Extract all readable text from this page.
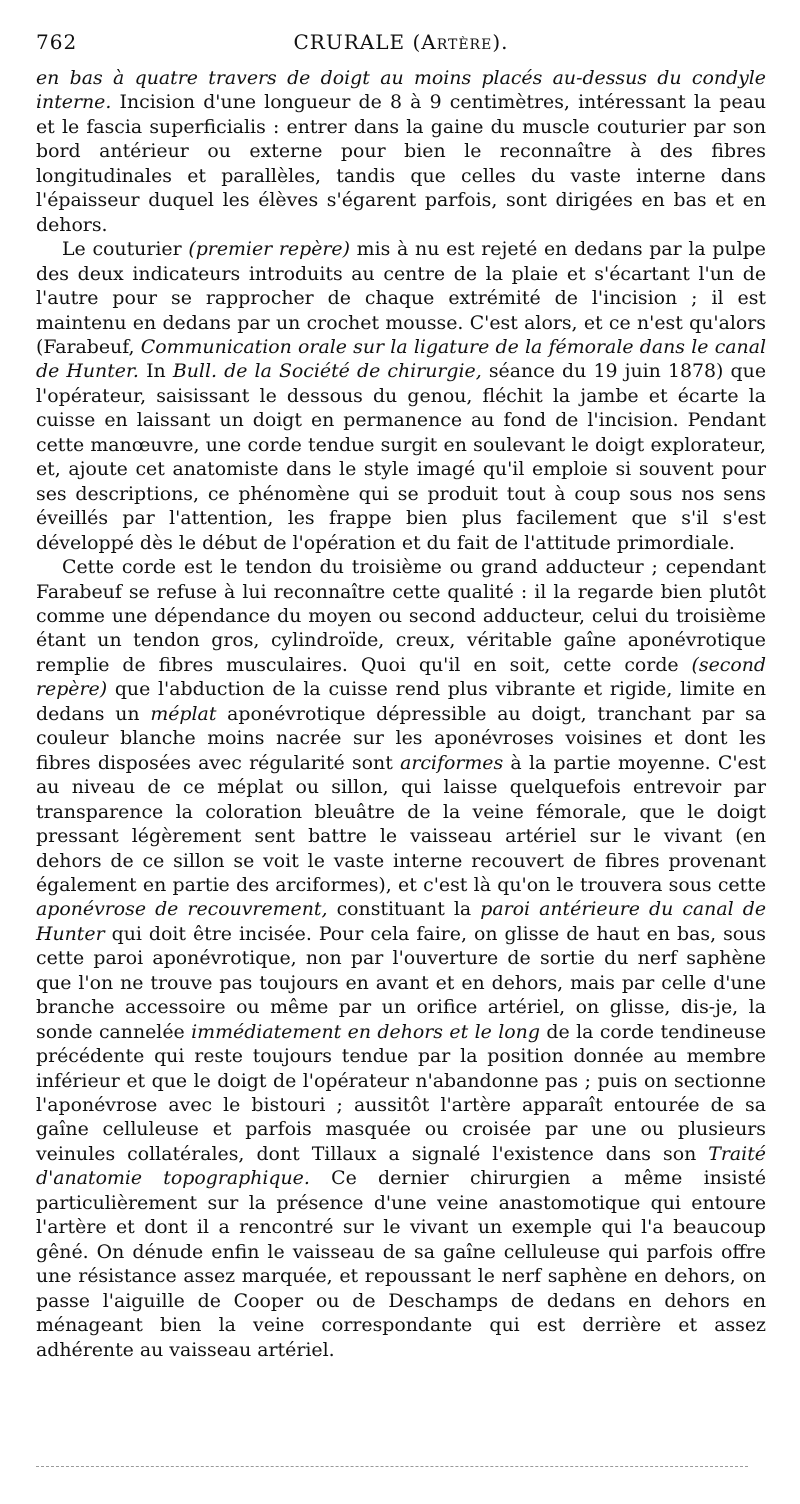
762	CRURALE (Artère).

en bas à quatre travers de doigt au moins placés au-dessus du condyle interne. Incision d'une longueur de 8 à 9 centimètres, intéressant la peau et le fascia superficialis : entrer dans la gaine du muscle couturier par son bord antérieur ou externe pour bien le reconnaître à des fibres longitudinales et parallèles, tandis que celles du vaste interne dans l'épaisseur duquel les élèves s'égarent parfois, sont dirigées en bas et en dehors.

Le couturier (premier repère) mis à nu est rejeté en dedans par la pulpe des deux indicateurs introduits au centre de la plaie et s'écartant l'un de l'autre pour se rapprocher de chaque extrémité de l'incision ; il est maintenu en dedans par un crochet mousse. C'est alors, et ce n'est qu'alors (Farabeuf, Communication orale sur la ligature de la fémorale dans le canal de Hunter. In Bull. de la Société de chirurgie, séance du 19 juin 1878) que l'opérateur, saisissant le dessous du genou, fléchit la jambe et écarte la cuisse en laissant un doigt en permanence au fond de l'incision. Pendant cette manœuvre, une corde tendue surgit en soulevant le doigt explorateur, et, ajoute cet anatomiste dans le style imagé qu'il emploie si souvent pour ses descriptions, ce phénomène qui se produit tout à coup sous nos sens éveillés par l'attention, les frappe bien plus facilement que s'il s'est développé dès le début de l'opération et du fait de l'attitude primordiale.

Cette corde est le tendon du troisième ou grand adducteur ; cependant Farabeuf se refuse à lui reconnaître cette qualité : il la regarde bien plutôt comme une dépendance du moyen ou second adducteur, celui du troisième étant un tendon gros, cylindroïde, creux, véritable gaîne aponévrotique remplie de fibres musculaires. Quoi qu'il en soit, cette corde (second repère) que l'abduction de la cuisse rend plus vibrante et rigide, limite en dedans un méplat aponévrotique dépressible au doigt, tranchant par sa couleur blanche moins nacrée sur les aponévroses voisines et dont les fibres disposées avec régularité sont arciformes à la partie moyenne. C'est au niveau de ce méplat ou sillon, qui laisse quelquefois entrevoir par transparence la coloration bleuâtre de la veine fémorale, que le doigt pressant légèrement sent battre le vaisseau artériel sur le vivant (en dehors de ce sillon se voit le vaste interne recouvert de fibres provenant également en partie des arciformes), et c'est là qu'on le trouvera sous cette aponévrose de recouvrement, constituant la paroi antérieure du canal de Hunter qui doit être incisée. Pour cela faire, on glisse de haut en bas, sous cette paroi aponévrotique, non par l'ouverture de sortie du nerf saphène que l'on ne trouve pas toujours en avant et en dehors, mais par celle d'une branche accessoire ou même par un orifice artériel, on glisse, dis-je, la sonde cannelée immédiatement en dehors et le long de la corde tendineuse précédente qui reste toujours tendue par la position donnée au membre inférieur et que le doigt de l'opérateur n'abandonne pas ; puis on sectionne l'aponévrose avec le bistouri ; aussitôt l'artère apparaît entourée de sa gaîne celluleuse et parfois masquée ou croisée par une ou plusieurs veinules collatérales, dont Tillaux a signalé l'existence dans son Traité d'anatomie topographique. Ce dernier chirurgien a même insisté particulièrement sur la présence d'une veine anastomotique qui entoure l'artère et dont il a rencontré sur le vivant un exemple qui l'a beaucoup gêné. On dénude enfin le vaisseau de sa gaîne celluleuse qui parfois offre une résistance assez marquée, et repoussant le nerf saphène en dehors, on passe l'aiguille de Cooper ou de Deschamps de dedans en dehors en ménageant bien la veine correspondante qui est derrière et assez adhérente au vaisseau artériel.
